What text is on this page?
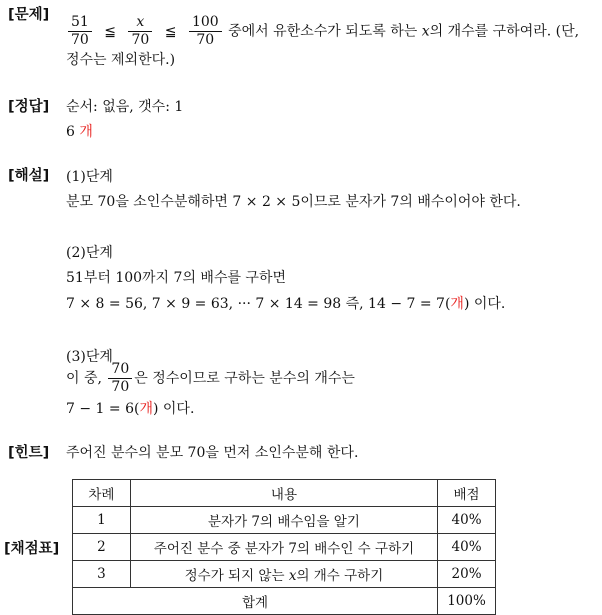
[문제] $\frac{51}{70}$ ≦ $\frac{x}{70}$ ≦ $\frac{100}{70}$ 중에서 유한소수가 되도록 하는 x의 개수를 구하여라. (단,
정수는 제외한다.)
[정답] 순서: 없음, 갯수: 1
6 개
[해설] (1)단계
분모 70을 소인수분해하면 7 × 2 × 5이므로 분자가 7의 배수이어야 한다.
(2)단계
51부터 100까지 7의 배수를 구하면
7 × 8 = 56, 7 × 9 = 63, ··· 7 × 14 = 98 즉, 14 − 7 = 7(개) 이다.
(3)단계
이 중, $\frac{70}{70}$ 은 정수이므로 구하는 분수의 개수는
7 − 1 = 6(개) 이다.
[힌트] 주어진 분수의 분모 70을 먼저 소인수분해 한다.
[채점표]
차례	내용	배점
1	분자가 7의 배수임을 알기	40%
2	주어진 분수 중 분자가 7의 배수인 수 구하기	40%
3	정수가 되지 않는 x의 개수 구하기	20%
합계		100%
